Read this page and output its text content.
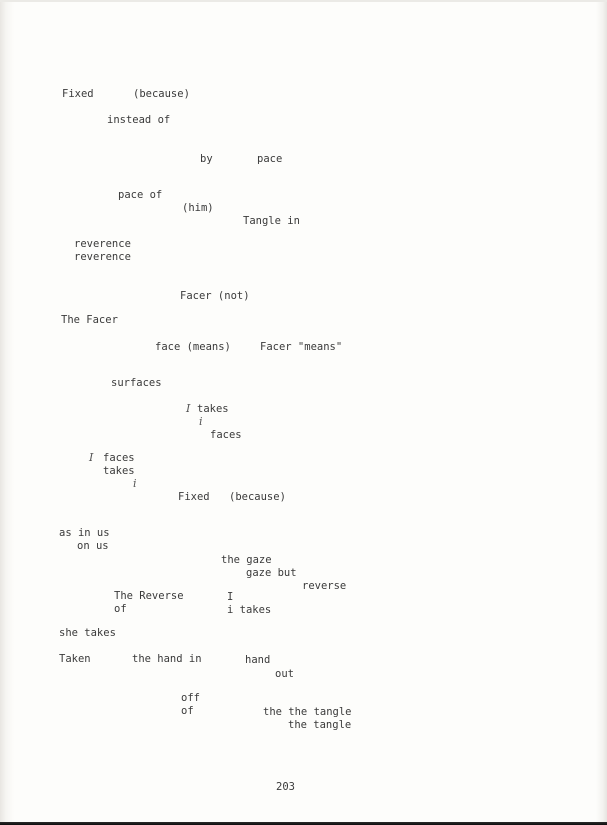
Fixed	(because)
instead of
by	pace
pace of
(him)
Tangle in
reverence
reverence
Facer (not)
The Facer
face (means)	Facer "means"
surfaces
I takes
i
faces
I faces
takes
i
Fixed (because)
as in us
on us
the gaze
gaze but
reverse
The Reverse	I
of	i takes
she takes
Taken	the hand in	hand
out
off
of	the the tangle
the tangle
203
